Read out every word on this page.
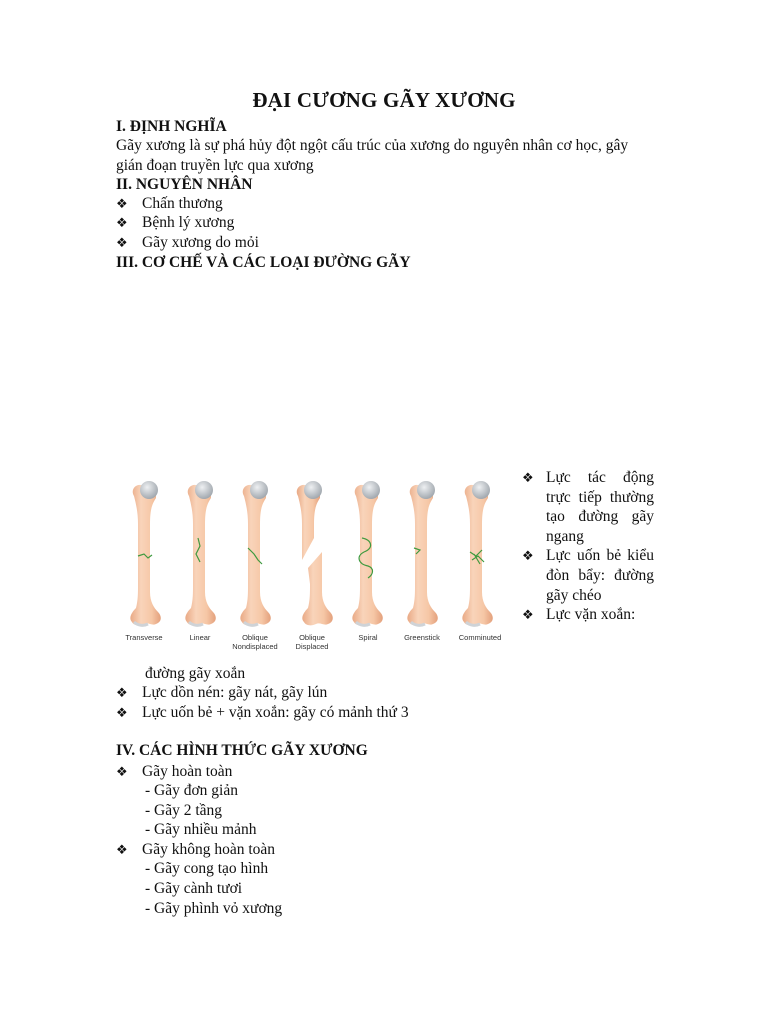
ĐẠI CƯƠNG GÃY XƯƠNG
I. ĐỊNH NGHĨA
Gãy xương là sự phá hủy đột ngột cấu trúc của xương do nguyên nhân cơ học, gây gián đoạn truyền lực qua xương
II. NGUYÊN NHÂN
❖ Chấn thương
❖ Bệnh lý xương
❖ Gãy xương do mỏi
III. CƠ CHẾ VÀ CÁC LOẠI ĐƯỜNG GÃY
Transverse	Linear	Oblique
Nondisplaced
Oblique
Displaced
Spiral	Greenstick	Comminuted
❖ Lực tác động trực tiếp thường tạo đường gãy ngang
❖ Lực uốn bẻ kiểu đòn bẩy: đường gãy chéo
❖ Lực vặn xoắn:
đường gãy xoắn
❖ Lực dồn nén: gãy nát, gãy lún
❖ Lực uốn bẻ + vặn xoắn: gãy có mảnh thứ 3
IV. CÁC HÌNH THỨC GÃY XƯƠNG
❖ Gãy hoàn toàn
- Gãy đơn giản
- Gãy 2 tầng
- Gãy nhiều mảnh
❖ Gãy không hoàn toàn
- Gãy cong tạo hình
- Gãy cành tươi
- Gãy phình vỏ xương
